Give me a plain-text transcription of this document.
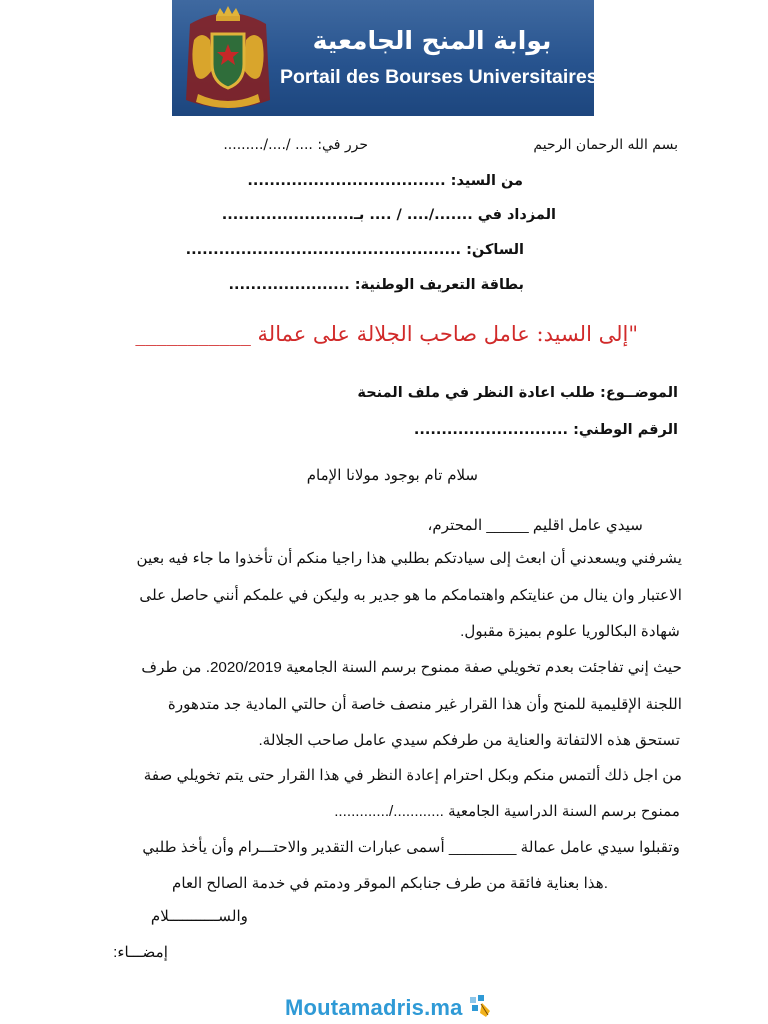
بوابة المنح الجامعية
Portail des Bourses Universitaires
بسم الله الرحمان الرحيم
حرر في: .... /..../.........
من السيد: ....................................
المزداد في ......./.... / .... بـ........................
الساكن: ..................................................
بطاقة التعريف الوطنية: ......................
"إلى السيد: عامل صاحب الجلالة على عمالة ___________
الموضــوع: طلب اعادة النظر في ملف المنحة
الرقم الوطني: ............................
سلام تام بوجود مولانا الإمام
سيدي عامل اقليم _____ المحترم،
يشرفني ويسعدني أن ابعث إلى سيادتكم بطلبي هذا راجيا منكم أن تأخذوا ما جاء فيه بعين
الاعتبار وان ينال من عنايتكم واهتمامكم ما هو جدير به وليكن في علمكم أنني حاصل على
شهادة البكالوريا علوم بميزة مقبول.
حيث إني تفاجئت بعدم تخويلي صفة ممنوح برسم السنة الجامعية 2020/2019. من طرف
اللجنة الإقليمية للمنح وأن هذا القرار غير منصف خاصة أن حالتي المادية جد متدهورة
تستحق هذه الالتفاتة والعناية من طرفكم سيدي عامل صاحب الجلالة.
من اجل ذلك ألتمس منكم وبكل احترام إعادة النظر في هذا القرار حتى يتم تخويلي صفة
ممنوح برسم السنة الدراسية الجامعية ............/.............
وتقبلوا سيدي عامل عمالة ________ أسمى عبارات التقدير والاحتـــرام وأن يأخذ طلبي
.هذا بعناية فائقة من طرف جنابكم الموقر ودمتم في خدمة الصالح العام
والســـــــــــلام
إمضـــاء:
Moutamadris.ma
